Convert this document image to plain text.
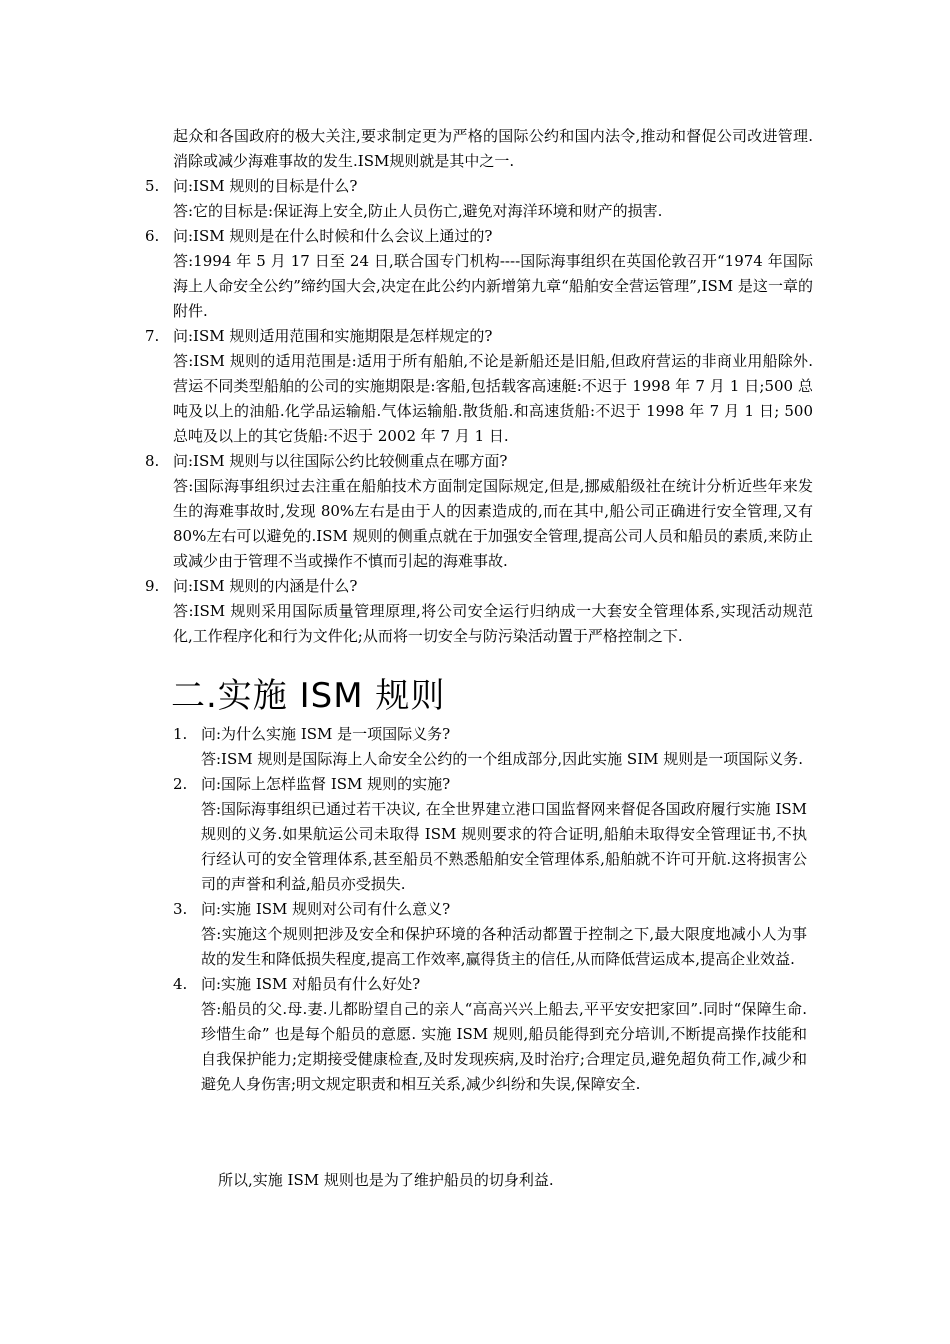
起众和各国政府的极大关注,要求制定更为严格的国际公约和国内法令,推动和督促公司改进管理.消除或减少海难事故的发生.ISM规则就是其中之一.
5. 问:ISM 规则的目标是什么?
答:它的目标是:保证海上安全,防止人员伤亡,避免对海洋环境和财产的损害.
6. 问:ISM 规则是在什么时候和什么会议上通过的?
答:1994 年 5 月 17 日至 24 日,联合国专门机构----国际海事组织在英国伦敦召开“1974 年国际海上人命安全公约”缔约国大会,决定在此公约内新增第九章“船舶安全营运管理”,ISM 是这一章的附件.
7. 问:ISM 规则适用范围和实施期限是怎样规定的?
答:ISM 规则的适用范围是:适用于所有船舶,不论是新船还是旧船,但政府营运的非商业用船除外.营运不同类型船舶的公司的实施期限是:客船,包括载客高速艇:不迟于 1998 年 7 月 1 日;500 总吨及以上的油船.化学品运输船.气体运输船.散货船.和高速货船:不迟于 1998 年 7 月 1 日; 500 总吨及以上的其它货船:不迟于 2002 年 7 月 1 日.
8. 问:ISM 规则与以往国际公约比较侧重点在哪方面?
答:国际海事组织过去注重在船舶技术方面制定国际规定,但是,挪威船级社在统计分析近些年来发生的海难事故时,发现 80%左右是由于人的因素造成的,而在其中,船公司正确进行安全管理,又有 80%左右可以避免的.ISM 规则的侧重点就在于加强安全管理,提高公司人员和船员的素质,来防止或减少由于管理不当或操作不慎而引起的海难事故.
9. 问:ISM 规则的内涵是什么?
答:ISM 规则采用国际质量管理原理,将公司安全运行归纳成一大套安全管理体系,实现活动规范化,工作程序化和行为文件化;从而将一切安全与防污染活动置于严格控制之下.
二.实施 ISM 规则
1. 问:为什么实施 ISM 是一项国际义务?
答:ISM 规则是国际海上人命安全公约的一个组成部分,因此实施 SIM 规则是一项国际义务.
2. 问:国际上怎样监督 ISM 规则的实施?
答:国际海事组织已通过若干决议, 在全世界建立港口国监督网来督促各国政府履行实施 ISM 规则的义务.如果航运公司未取得 ISM 规则要求的符合证明,船舶未取得安全管理证书,不执行经认可的安全管理体系,甚至船员不熟悉船舶安全管理体系,船舶就不许可开航.这将损害公司的声誉和利益,船员亦受损失.
3. 问:实施 ISM 规则对公司有什么意义?
答:实施这个规则把涉及安全和保护环境的各种活动都置于控制之下,最大限度地减小人为事故的发生和降低损失程度,提高工作效率,赢得货主的信任,从而降低营运成本,提高企业效益.
4. 问:实施 ISM 对船员有什么好处?
答:船员的父.母.妻.儿都盼望自己的亲人“高高兴兴上船去,平平安安把家回”.同时“保障生命.珍惜生命” 也是每个船员的意愿. 实施 ISM 规则,船员能得到充分培训,不断提高操作技能和自我保护能力;定期接受健康检查,及时发现疾病,及时治疗;合理定员,避免超负荷工作,减少和避免人身伤害;明文规定职责和相互关系,减少纠纷和失误,保障安全.
所以,实施 ISM 规则也是为了维护船员的切身利益.
